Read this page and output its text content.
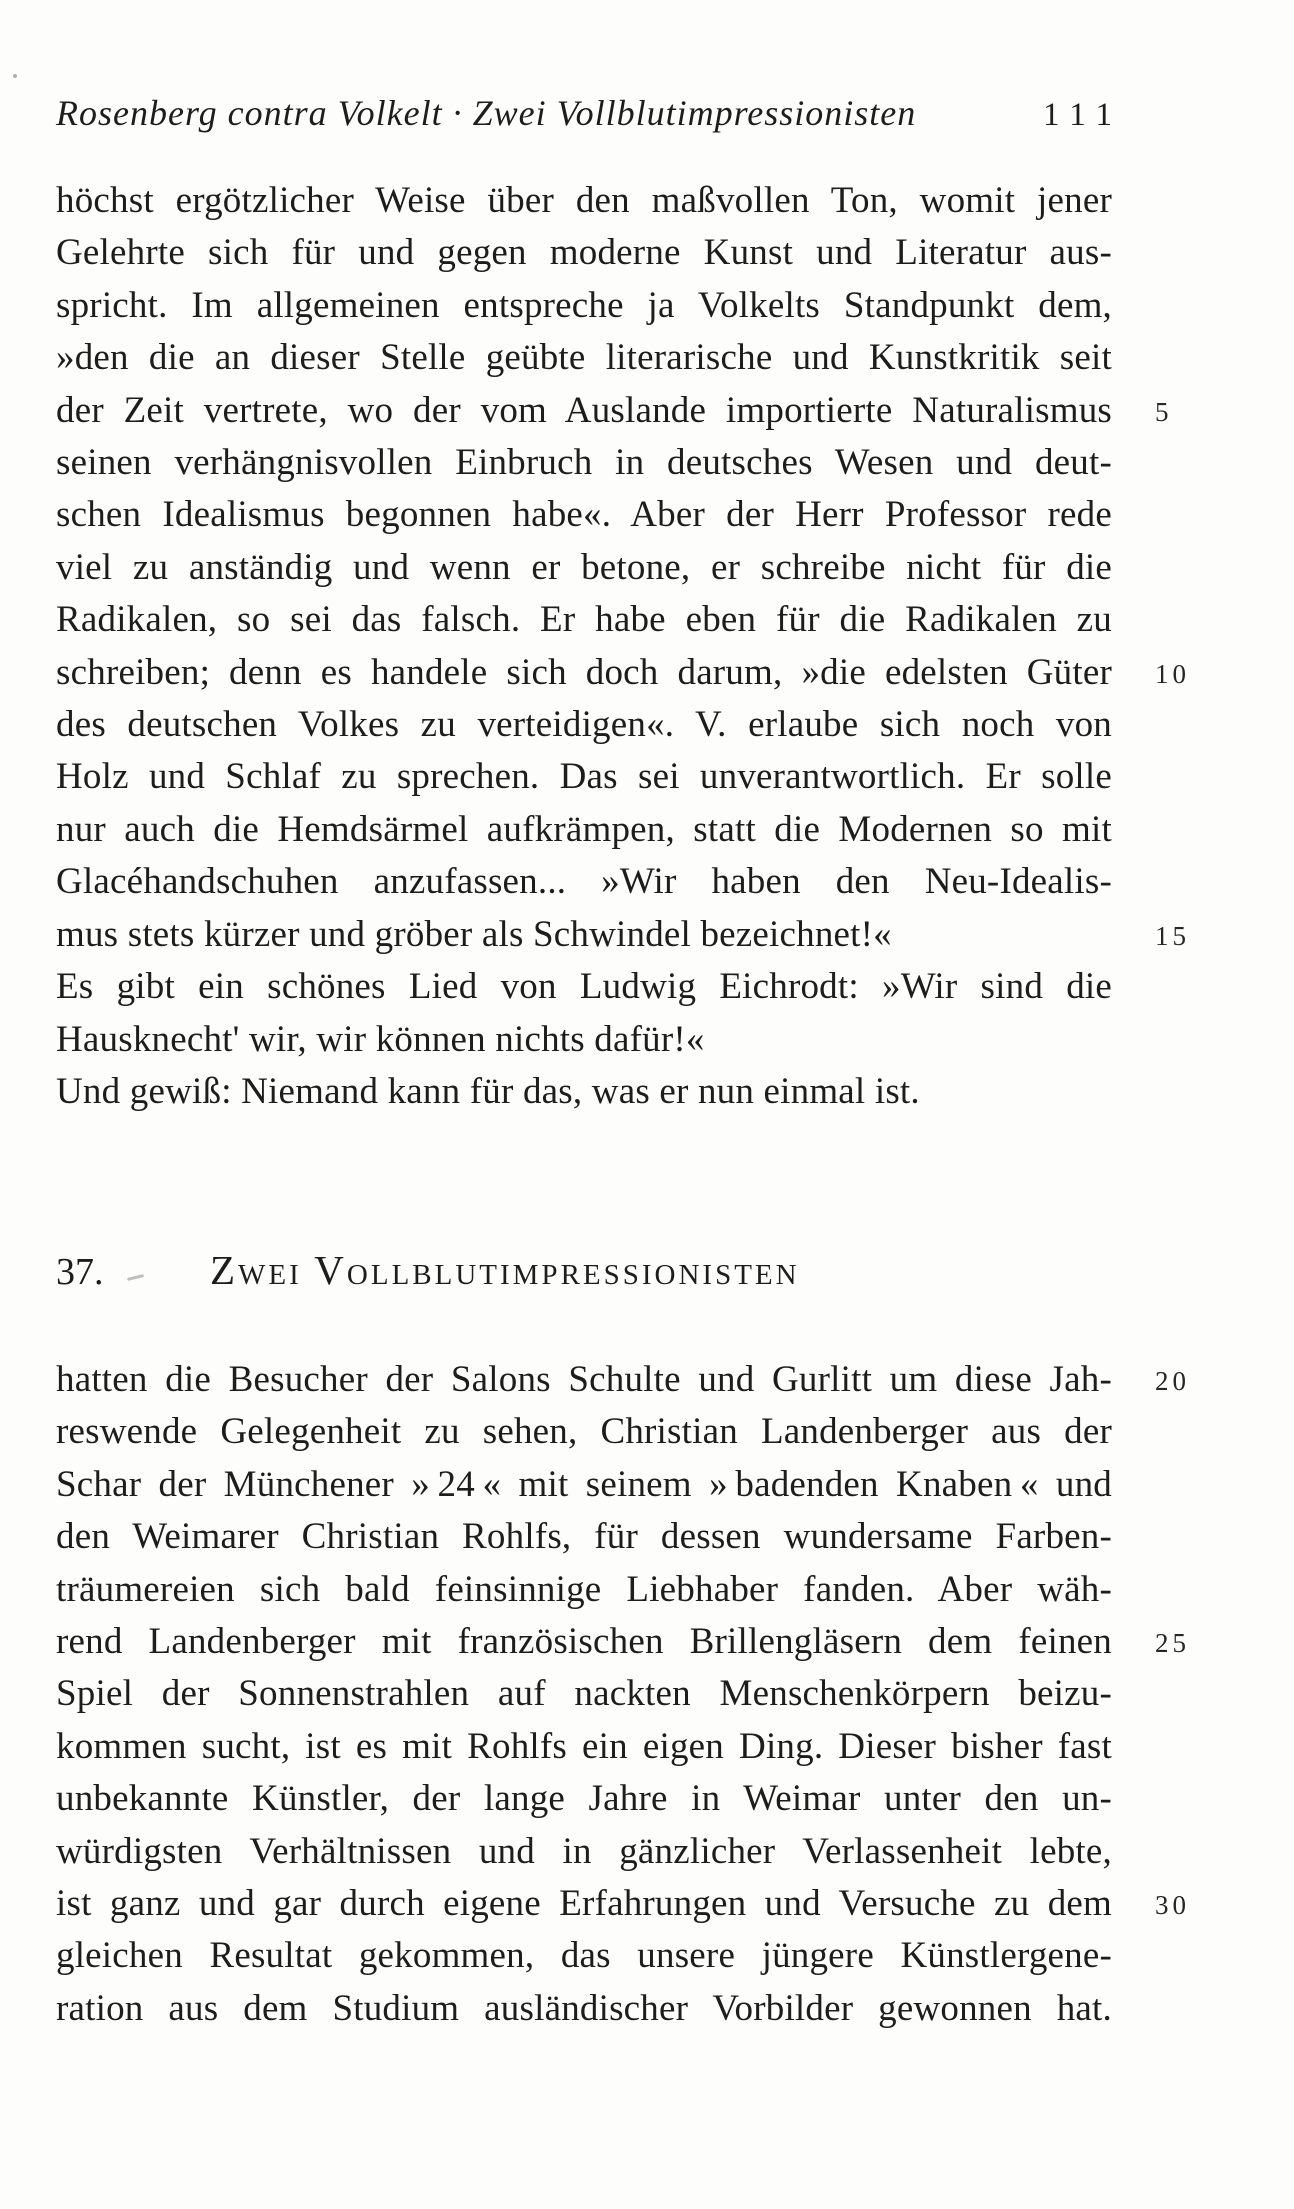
Rosenberg contra Volkelt · Zwei Vollblutimpressionisten	111
höchst ergötzlicher Weise über den maßvollen Ton, womit jener
Gelehrte sich für und gegen moderne Kunst und Literatur aus-
spricht. Im allgemeinen entspreche ja Volkelts Standpunkt dem,
»den die an dieser Stelle geübte literarische und Kunstkritik seit
der Zeit vertrete, wo der vom Auslande importierte Naturalismus 5
seinen verhängnisvollen Einbruch in deutsches Wesen und deut-
schen Idealismus begonnen habe«. Aber der Herr Professor rede
viel zu anständig und wenn er betone, er schreibe nicht für die
Radikalen, so sei das falsch. Er habe eben für die Radikalen zu
schreiben; denn es handele sich doch darum, »die edelsten Güter 10
des deutschen Volkes zu verteidigen«. V. erlaube sich noch von
Holz und Schlaf zu sprechen. Das sei unverantwortlich. Er solle
nur auch die Hemdsärmel aufkrämpen, statt die Modernen so mit
Glacéhandschuhen anzufassen... »Wir haben den Neu-Idealis-
mus stets kürzer und gröber als Schwindel bezeichnet!«	15
Es gibt ein schönes Lied von Ludwig Eichrodt: »Wir sind die
Hausknecht' wir, wir können nichts dafür!«
Und gewiß: Niemand kann für das, was er nun einmal ist.
37.	Zwei Vollblutimpressionisten
hatten die Besucher der Salons Schulte und Gurlitt um diese Jah- 20
reswende Gelegenheit zu sehen, Christian Landenberger aus der
Schar der Münchener » 24 « mit seinem » badenden Knaben « und
den Weimarer Christian Rohlfs, für dessen wundersame Farben-
träumereien sich bald feinsinnige Liebhaber fanden. Aber wäh-
rend Landenberger mit französischen Brillengläsern dem feinen 25
Spiel der Sonnenstrahlen auf nackten Menschenkörpern beizu-
kommen sucht, ist es mit Rohlfs ein eigen Ding. Dieser bisher fast
unbekannte Künstler, der lange Jahre in Weimar unter den un-
würdigsten Verhältnissen und in gänzlicher Verlassenheit lebte,
ist ganz und gar durch eigene Erfahrungen und Versuche zu dem 30
gleichen Resultat gekommen, das unsere jüngere Künstlergene-
ration aus dem Studium ausländischer Vorbilder gewonnen hat.
